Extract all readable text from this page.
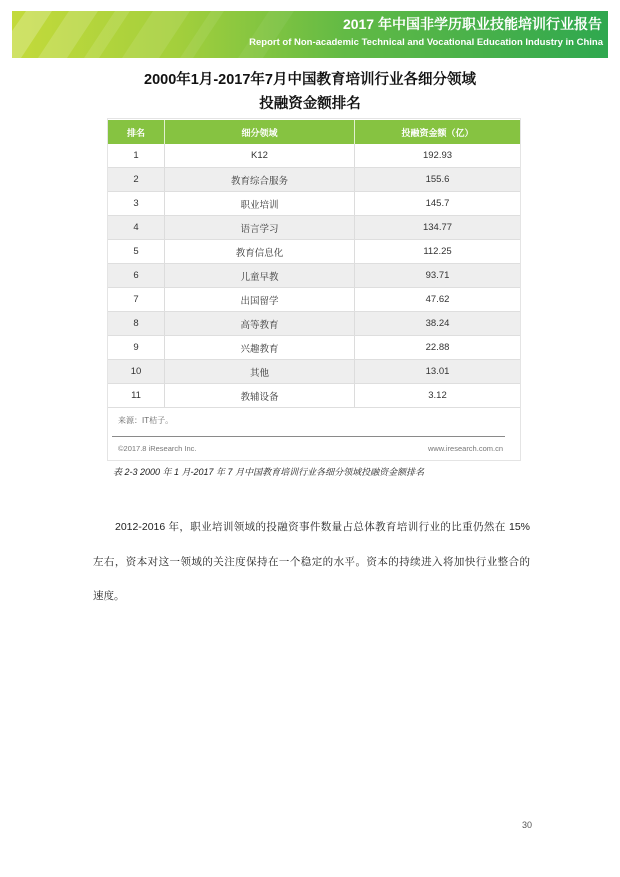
2017 年中国非学历职业技能培训行业报告
Report of Non-academic Technical and Vocational Education Industry in China
2000年1月-2017年7月中国教育培训行业各细分领域
投融资金额排名
排名	细分领域	投融资金额（亿）
1	K12	192.93
2	教育综合服务	155.6
3	职业培训	145.7
4	语言学习	134.77
5	教育信息化	112.25
6	儿童早教	93.71
7	出国留学	47.62
8	高等教育	38.24
9	兴趣教育	22.88
10	其他	13.01
11	教辅设备	3.12
来源：IT桔子。
©2017.8 iResearch Inc.	www.iresearch.com.cn
表 2-3 2000 年 1 月-2017 年 7 月中国教育培训行业各细分领域投融资金额排名
2012-2016 年，职业培训领域的投融资事件数量占总体教育培训行业的比重仍然在 15%
左右，资本对这一领域的关注度保持在一个稳定的水平。资本的持续进入将加快行业整合的
速度。
30
